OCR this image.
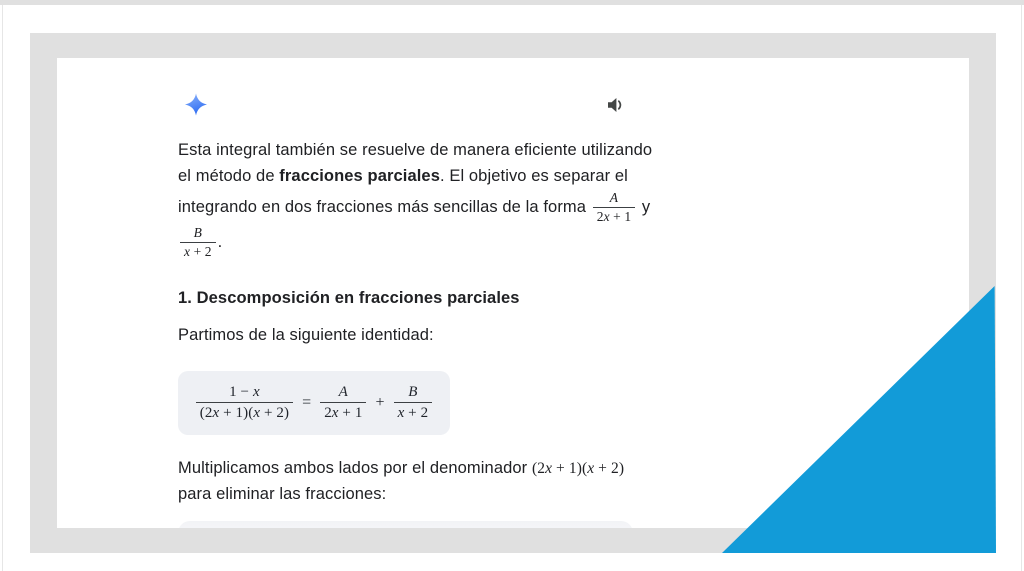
Esta integral también se resuelve de manera eficiente utilizando el método de fracciones parciales. El objetivo es separar el integrando en dos fracciones más sencillas de la forma $\frac{A}{2x + 1}$ y
$\frac{B}{x + 2}$ .

1. Descomposición en fracciones parciales

Partimos de la siguiente identidad:

$\frac{1 - x}{(2x + 1)(x + 2)} = \frac{A}{2x + 1} + \frac{B}{x + 2}$

Multiplicamos ambos lados por el denominador (2x + 1)(x + 2) para eliminar las fracciones:
